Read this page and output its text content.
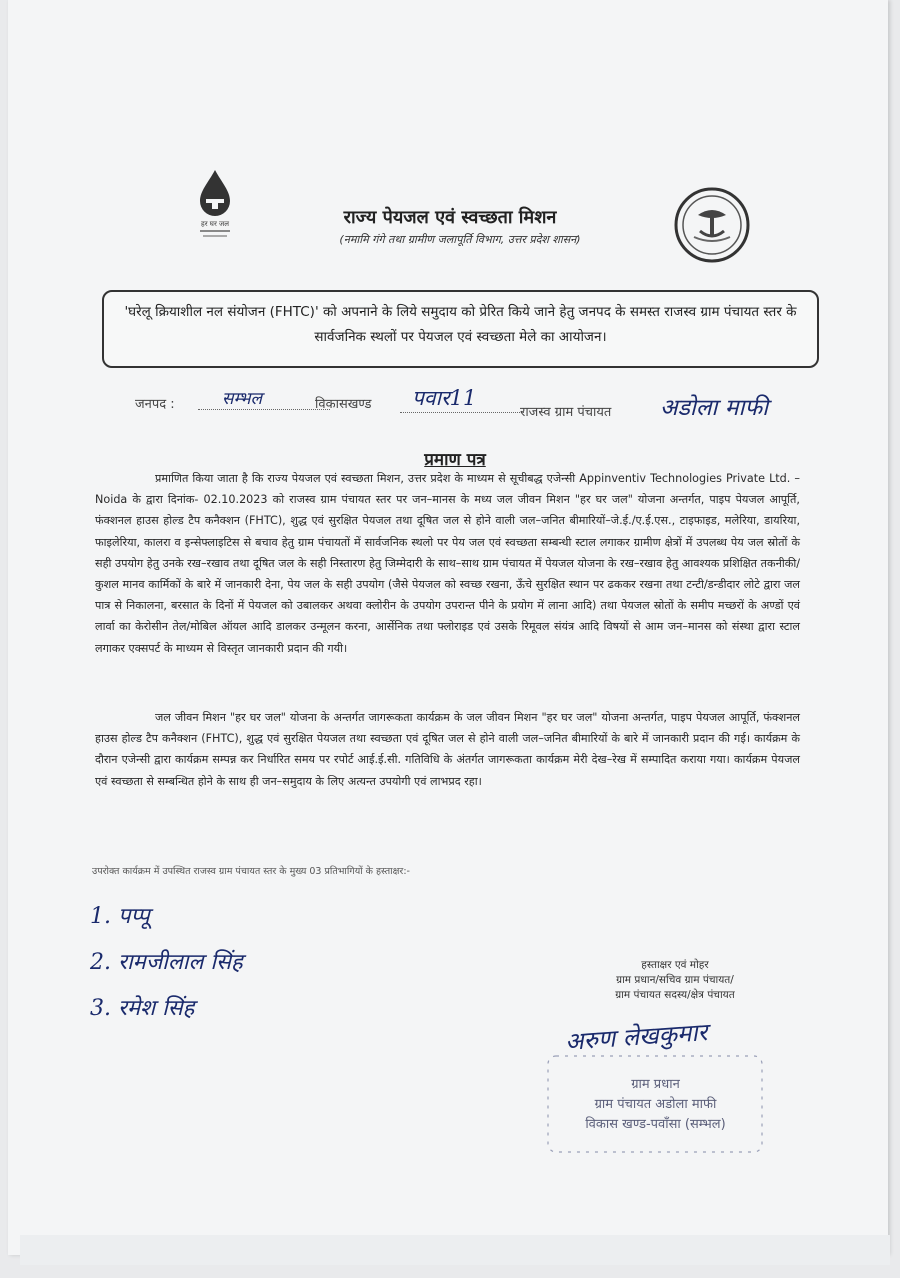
हर घर जल	राज्य पेयजल एवं स्वच्छता मिशन
(नमामि गंगे तथा ग्रामीण जलापूर्ति विभाग, उत्तर प्रदेश शासन)

'घरेलू क्रियाशील नल संयोजन (FHTC)' को अपनाने के लिये समुदाय को प्रेरित किये जाने हेतु जनपद के समस्त राजस्व ग्राम पंचायत स्तर के सार्वजनिक स्थलों पर पेयजल एवं स्वच्छता मेले का आयोजन।

जनपद :	सम्भल	विकासखण्ड	पवार11
राजस्व ग्राम पंचायत अडोला माफी
प्रमाण पत्र
प्रमाणित किया जाता है कि राज्य पेयजल एवं स्वच्छता मिशन, उत्तर प्रदेश के माध्यम से सूचीबद्ध एजेन्सी Appinventiv Technologies Private Ltd. – Noida के द्वारा दिनांक- 02.10.2023 को राजस्व ग्राम पंचायत स्तर पर जन–मानस के मध्य जल जीवन मिशन "हर घर जल" योजना अन्तर्गत, पाइप पेयजल आपूर्ति, फंक्शनल हाउस होल्ड टैप कनैक्शन (FHTC), शुद्ध एवं सुरक्षित पेयजल तथा दूषित जल से होने वाली जल–जनित बीमारियों–जे.ई./ए.ई.एस., टाइफाइड, मलेरिया, डायरिया, फाइलेरिया, कालरा व इन्सेफ्लाइटिस से बचाव हेतु ग्राम पंचायतों में सार्वजनिक स्थलो पर पेय जल एवं स्वच्छता सम्बन्धी स्टाल लगाकर ग्रामीण क्षेत्रों में उपलब्ध पेय जल स्रोतों के सही उपयोग हेतु उनके रख–रखाव तथा दूषित जल के सही निस्तारण हेतु जिम्मेदारी के साथ–साथ ग्राम पंचायत में पेयजल योजना के रख–रखाव हेतु आवश्यक प्रशिक्षित तकनीकी/कुशल मानव कार्मिकों के बारे में जानकारी देना, पेय जल के सही उपयोग (जैसे पेयजल को स्वच्छ रखना, ऊँचे सुरक्षित स्थान पर ढककर रखना तथा टन्टी/डन्डीदार लोटे द्वारा जल पात्र से निकालना, बरसात के दिनों में पेयजल को उबालकर अथवा क्लोरीन के उपयोग उपरान्त पीने के प्रयोग में लाना आदि) तथा पेयजल स्रोतों के समीप मच्छरों के अण्डों एवं लार्वा का केरोसीन तेल/मोबिल ऑयल आदि डालकर उन्मूलन करना, आर्सेनिक तथा फ्लोराइड एवं उसके रिमूवल संयंत्र आदि विषयों से आम जन–मानस को संस्था द्वारा स्टाल लगाकर एक्सपर्ट के माध्यम से विस्तृत जानकारी प्रदान की गयी।
जल जीवन मिशन "हर घर जल" योजना के अन्तर्गत जागरूकता कार्यक्रम के जल जीवन मिशन "हर घर जल" योजना अन्तर्गत, पाइप पेयजल आपूर्ति, फंक्शनल हाउस होल्ड टैप कनैक्शन (FHTC), शुद्ध एवं सुरक्षित पेयजल तथा स्वच्छता एवं दूषित जल से होने वाली जल–जनित बीमारियों के बारे में जानकारी प्रदान की गई। कार्यक्रम के दौरान एजेन्सी द्वारा कार्यक्रम सम्पन्न कर निर्धारित समय पर रपोर्ट आई.ई.सी. गतिविधि के अंतर्गत जागरूकता कार्यक्रम मेरी देख–रेख में सम्पादित कराया गया। कार्यक्रम पेयजल एवं स्वच्छता से सम्बन्धित होने के साथ ही जन–समुदाय के लिए अत्यन्त उपयोगी एवं लाभप्रद रहा।
उपरोक्त कार्यक्रम में उपस्थित राजस्व ग्राम पंचायत स्तर के मुख्य 03 प्रतिभागियों के हस्ताक्षर:-
1. पप्पू
2. रामजीलाल सिंह
3. रमेश सिंह
हस्ताक्षर एवं मोहर
ग्राम प्रधान/सचिव ग्राम पंचायत/
ग्राम पंचायत सदस्य/क्षेत्र पंचायत
अरुण लेखकुमार
ग्राम प्रधान
ग्राम पंचायत अडोला माफी
विकास खण्ड-पवाँसा (सम्भल)
